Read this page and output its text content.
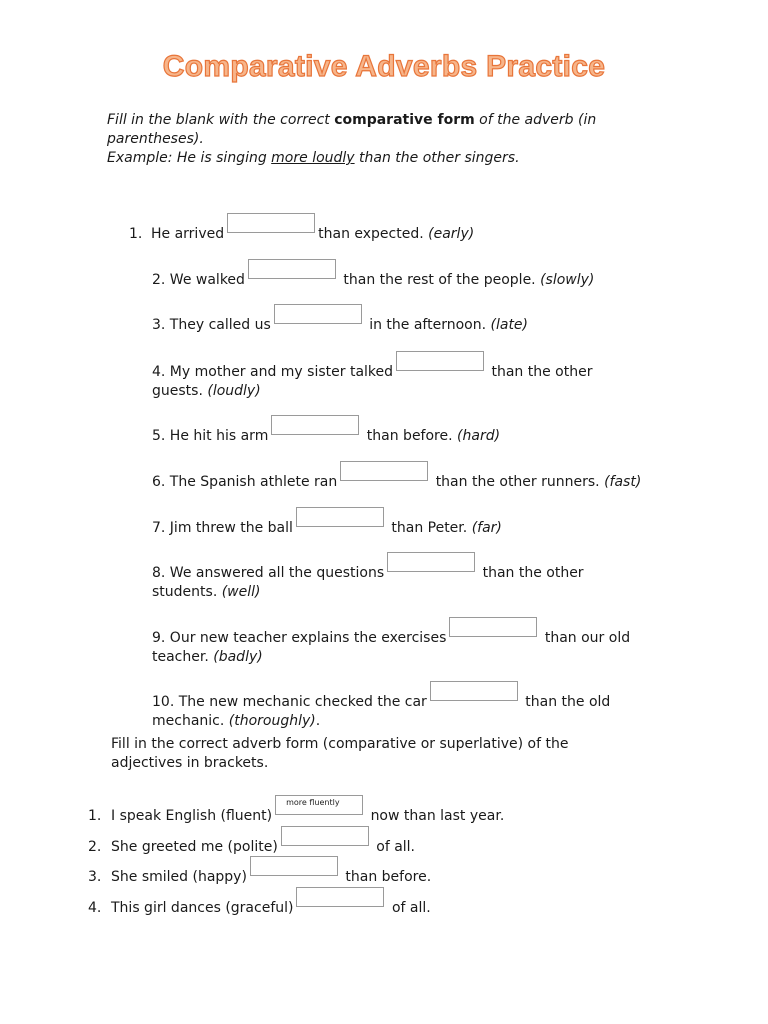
Comparative Adverbs Practice
Fill in the blank with the correct comparative form of the adverb (in parentheses).
Example: He is singing more loudly than the other singers.
1. He arrived	than expected. (early)
2. We walked	than the rest of the people. (slowly)
3. They called us	in the afternoon. (late)
4. My mother and my sister talked	than the other
guests. (loudly)
5. He hit his arm	than before. (hard)
6. The Spanish athlete ran	than the other runners. (fast)
7. Jim threw the ball	than Peter. (far)
8. We answered all the questions	than the other
students. (well)
9. Our new teacher explains the exercises	than our old
teacher. (badly)
10. The new mechanic checked the car	than the old
mechanic. (thoroughly).
Fill in the correct adverb form (comparative or superlative) of the adjectives in brackets.
1. I speak English (fluent)
more fluently
now than last year.
2. She greeted me (polite)	of all.
3. She smiled (happy)	than before.
4. This girl dances (graceful)	of all.
